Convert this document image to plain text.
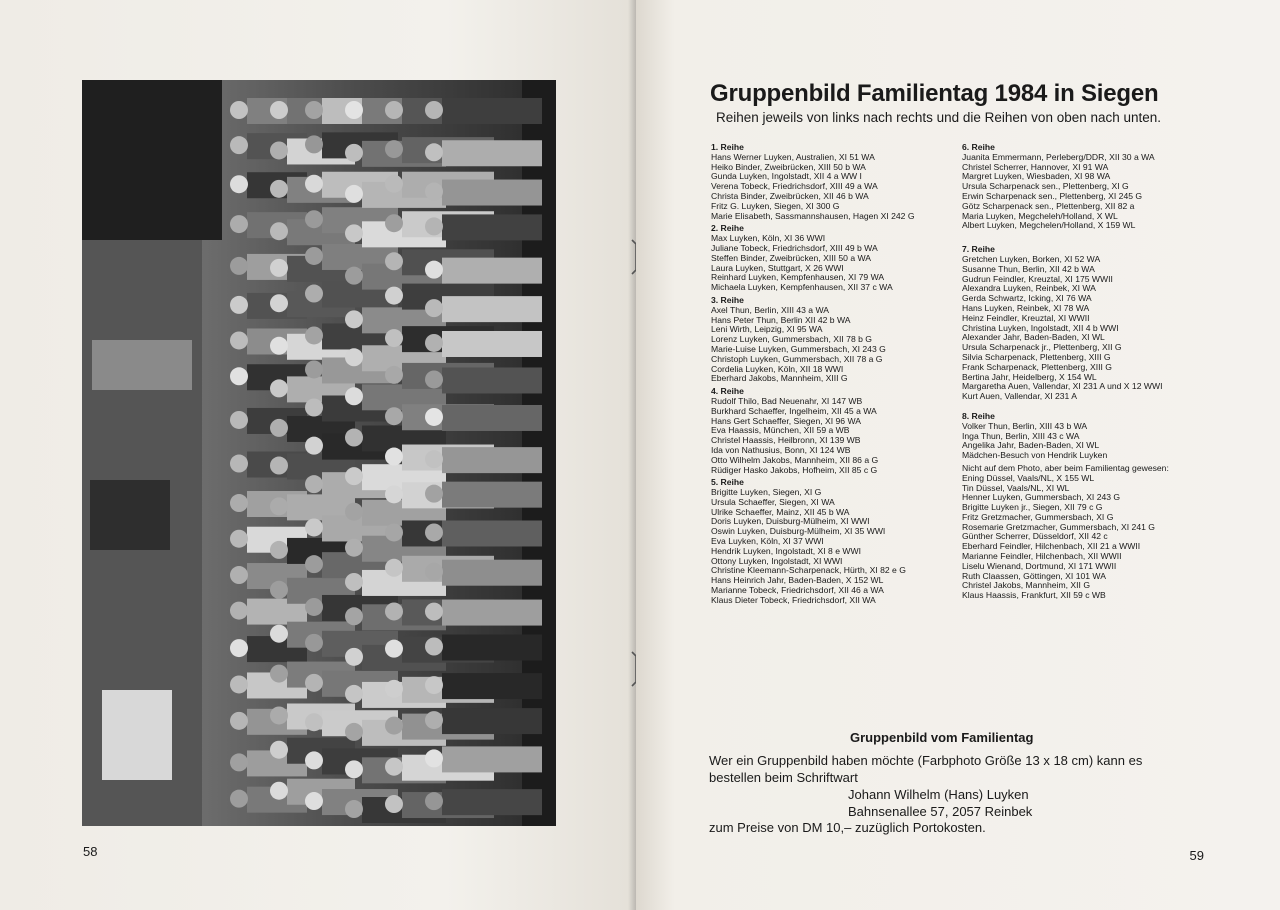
58
Gruppenbild Familientag 1984 in Siegen
Reihen jeweils von links nach rechts und die Reihen von oben nach unten.
1. Reihe
Hans Werner Luyken, Australien, XI 51 WA
Heiko Binder, Zweibrücken, XIII 50 b WA
Gunda Luyken, Ingolstadt, XII 4 a WW I
Verena Tobeck, Friedrichsdorf, XIII 49 a WA
Christa Binder, Zweibrücken, XII 46 b WA
Fritz G. Luyken, Siegen, XI 300 G
Marie Elisabeth, Sassmannshausen, Hagen XI 242 G
2. Reihe
Max Luyken, Köln, XI 36 WWI
Juliane Tobeck, Friedrichsdorf, XIII 49 b WA
Steffen Binder, Zweibrücken, XIII 50 a WA
Laura Luyken, Stuttgart, X 26 WWI
Reinhard Luyken, Kempfenhausen, XI 79 WA
Michaela Luyken, Kempfenhausen, XII 37 c WA
3. Reihe
Axel Thun, Berlin, XIII 43 a WA
Hans Peter Thun, Berlin XII 42 b WA
Leni Wirth, Leipzig, XI 95 WA
Lorenz Luyken, Gummersbach, XII 78 b G
Marie-Luise Luyken, Gummersbach, XI 243 G
Christoph Luyken, Gummersbach, XII 78 a G
Cordelia Luyken, Köln, XII 18 WWI
Eberhard Jakobs, Mannheim, XIII G
4. Reihe
Rudolf Thilo, Bad Neuenahr, XI 147 WB
Burkhard Schaeffer, Ingelheim, XII 45 a WA
Hans Gert Schaeffer, Siegen, XI 96 WA
Eva Haassis, München, XII 59 a WB
Christel Haassis, Heilbronn, XI 139 WB
Ida von Nathusius, Bonn, XI 124 WB
Otto Wilhelm Jakobs, Mannheim, XII 86 a G
Rüdiger Hasko Jakobs, Hofheim, XII 85 c G
5. Reihe
Brigitte Luyken, Siegen, XI G
Ursula Schaeffer, Siegen, XI WA
Ulrike Schaeffer, Mainz, XII 45 b WA
Doris Luyken, Duisburg-Mülheim, XI WWI
Oswin Luyken, Duisburg-Mülheim, XI 35 WWI
Eva Luyken, Köln, XI 37 WWI
Hendrik Luyken, Ingolstadt, XI 8 e WWI
Ottony Luyken, Ingolstadt, XI WWI
Christine Kleemann-Scharpenack, Hürth, XI 82 e G
Hans Heinrich Jahr, Baden-Baden, X 152 WL
Marianne Tobeck, Friedrichsdorf, XII 46 a WA
Klaus Dieter Tobeck, Friedrichsdorf, XII WA
6. Reihe
Juanita Emmermann, Perleberg/DDR, XII 30 a WA
Christel Scherrer, Hannover, XI 91 WA
Margret Luyken, Wiesbaden, XI 98 WA
Ursula Scharpenack sen., Plettenberg, XI G
Erwin Scharpenack sen., Plettenberg, XI 245 G
Götz Scharpenack sen., Plettenberg, XII 82 a
Maria Luyken, Megcheleh/Holland, X WL
Albert Luyken, Megchelen/Holland, X 159 WL
7. Reihe
Gretchen Luyken, Borken, XI 52 WA
Susanne Thun, Berlin, XII 42 b WA
Gudrun Feindler, Kreuztal, XI 175 WWII
Alexandra Luyken, Reinbek, XI WA
Gerda Schwartz, Icking, XI 76 WA
Hans Luyken, Reinbek, XI 78 WA
Heinz Feindler, Kreuztal, XI WWII
Christina Luyken, Ingolstadt, XII 4 b WWI
Alexander Jahr, Baden-Baden, XI WL
Ursula Scharpenack jr., Plettenberg, XII G
Silvia Scharpenack, Plettenberg, XIII G
Frank Scharpenack, Plettenberg, XIII G
Bertina Jahr, Heidelberg, X 154 WL
Margaretha Auen, Vallendar, XI 231 A und X 12 WWI
Kurt Auen, Vallendar, XI 231 A
8. Reihe
Volker Thun, Berlin, XIII 43 b WA
Inga Thun, Berlin, XIII 43 c WA
Angelika Jahr, Baden-Baden, XI WL
Mädchen-Besuch von Hendrik Luyken
Nicht auf dem Photo, aber beim Familientag gewesen:
Ening Düssel, Vaals/NL, X 155 WL
Tin Düssel, Vaals/NL, XI WL
Henner Luyken, Gummersbach, XI 243 G
Brigitte Luyken jr., Siegen, XII 79 c G
Fritz Gretzmacher, Gummersbach, XI G
Rosemarie Gretzmacher, Gummersbach, XI 241 G
Günther Scherrer, Düsseldorf, XII 42 c
Eberhard Feindler, Hilchenbach, XII 21 a WWII
Marianne Feindler, Hilchenbach, XII WWII
Liselu Wienand, Dortmund, XI 171 WWII
Ruth Claassen, Göttingen, XI 101 WA
Christel Jakobs, Mannheim, XII G
Klaus Haassis, Frankfurt, XII 59 c WB
Gruppenbild vom Familientag
Wer ein Gruppenbild haben möchte (Farbphoto Größe 13 x 18 cm) kann es bestellen beim Schriftwart
Johann Wilhelm (Hans) Luyken
Bahnsenallee 57, 2057 Reinbek
zum Preise von DM 10,– zuzüglich Portokosten.
59
